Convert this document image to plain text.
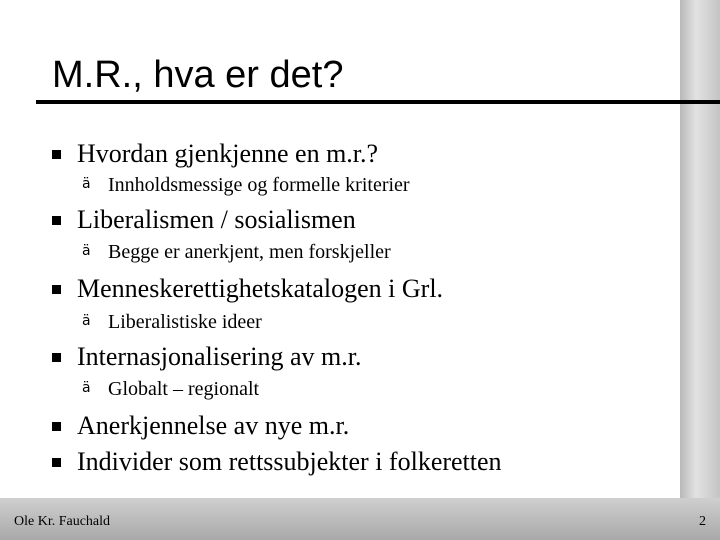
M.R., hva er det?
Hvordan gjenkjenne en m.r.?
ä Innholdsmessige og formelle kriterier
Liberalismen / sosialismen
ä Begge er anerkjent, men forskjeller
Menneskerettighetskatalogen i Grl.
ä Liberalistiske ideer
Internasjonalisering av m.r.
ä Globalt – regionalt
Anerkjennelse av nye m.r.
Individer som rettssubjekter i folkeretten
Ole Kr. Fauchald	2
